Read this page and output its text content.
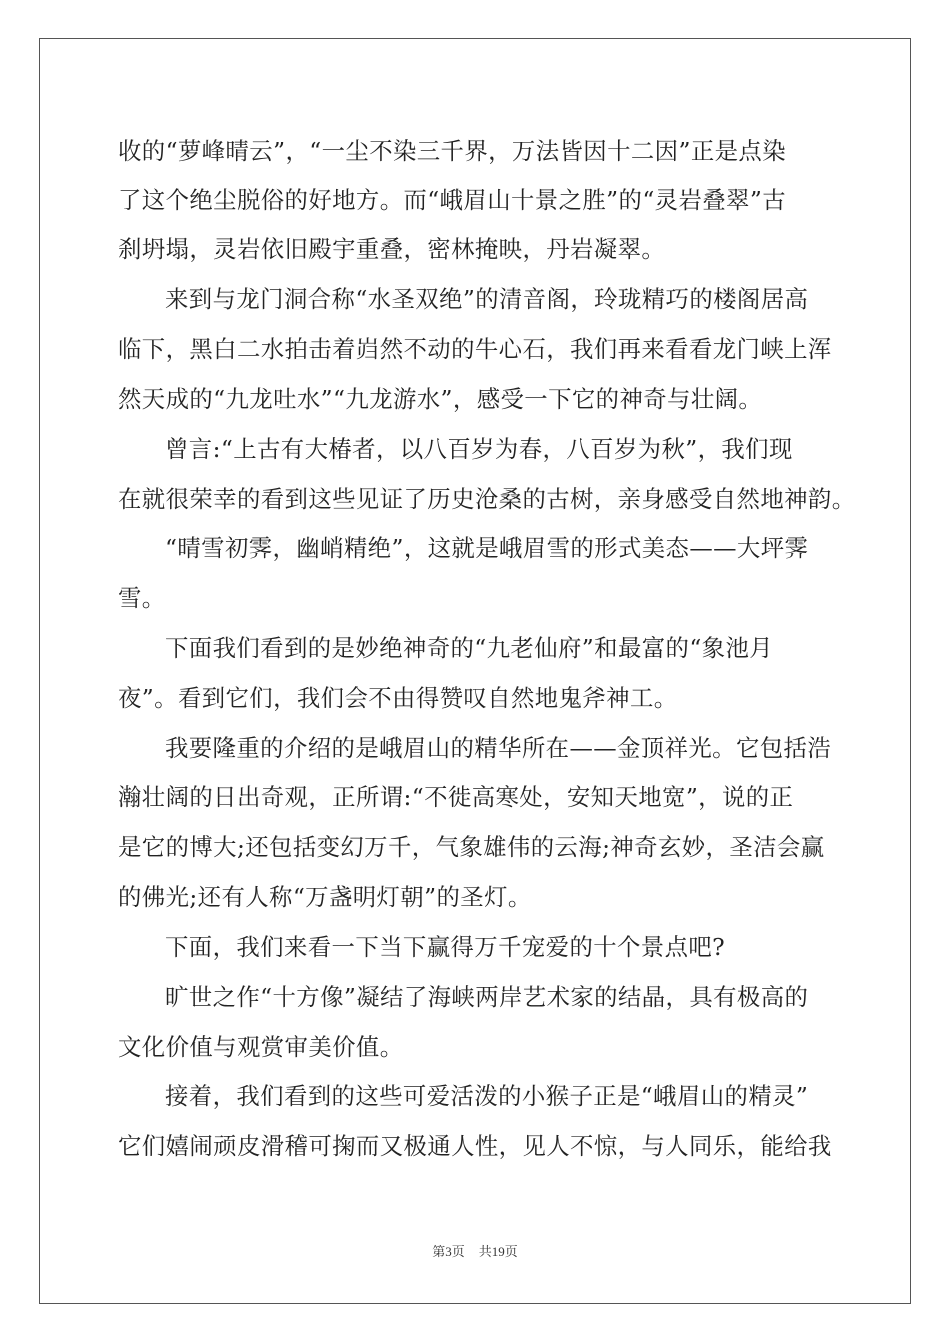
收的“萝峰晴云”，“一尘不染三千界，万法皆因十二因”正是点染
了这个绝尘脱俗的好地方。而“峨眉山十景之胜”的“灵岩叠翠”古
刹坍塌，灵岩依旧殿宇重叠，密林掩映，丹岩凝翠。
来到与龙门洞合称“水圣双绝”的清音阁，玲珑精巧的楼阁居高
临下，黑白二水拍击着岿然不动的牛心石，我们再来看看龙门峡上浑
然天成的“九龙吐水”“九龙游水”，感受一下它的神奇与壮阔。
曾言:“上古有大椿者，以八百岁为春，八百岁为秋”，我们现
在就很荣幸的看到这些见证了历史沧桑的古树，亲身感受自然地神韵。
“晴雪初霁，幽峭精绝”，这就是峨眉雪的形式美态——大坪霁
雪。
下面我们看到的是妙绝神奇的“九老仙府”和最富的“象池月
夜”。看到它们，我们会不由得赞叹自然地鬼斧神工。
我要隆重的介绍的是峨眉山的精华所在——金顶祥光。它包括浩
瀚壮阔的日出奇观，正所谓:“不徙高寒处，安知天地宽”，说的正
是它的博大;还包括变幻万千，气象雄伟的云海;神奇玄妙，圣洁会赢
的佛光;还有人称“万盏明灯朝”的圣灯。
下面，我们来看一下当下赢得万千宠爱的十个景点吧?
旷世之作“十方像”凝结了海峡两岸艺术家的结晶，具有极高的
文化价值与观赏审美价值。
接着，我们看到的这些可爱活泼的小猴子正是“峨眉山的精灵”
它们嬉闹顽皮滑稽可掬而又极通人性，见人不惊，与人同乐，能给我
第3页 共19页
